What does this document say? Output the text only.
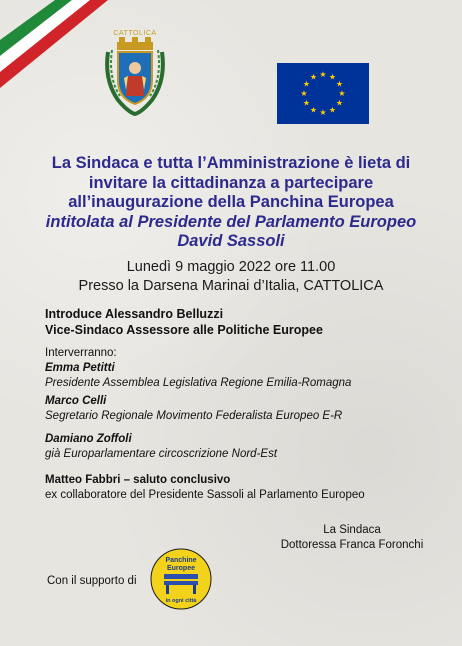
CATTOLICA
★ ★
★
★
★
★
★
★
★
★
★
★
La Sindaca e tutta l’Amministrazione è lieta di
invitare la cittadinanza a partecipare
all’inaugurazione della Panchina Europea
intitolata al Presidente del Parlamento Europeo
David Sassoli
Lunedì 9 maggio 2022 ore 11.00
Presso la Darsena Marinai d’Italia, CATTOLICA
Introduce Alessandro Belluzzi
Vice-Sindaco Assessore alle Politiche Europee
Interverranno:
Emma Petitti
Presidente Assemblea Legislativa Regione Emilia-Romagna
Marco Celli
Segretario Regionale Movimento Federalista Europeo E-R
Damiano Zoffoli
già Europarlamentare circoscrizione Nord-Est
Matteo Fabbri – saluto conclusivo
ex collaboratore del Presidente Sassoli al Parlamento Europeo
La Sindaca
Dottoressa Franca Foronchi
Con il supporto di
Panchine
Europee
in ogni città
